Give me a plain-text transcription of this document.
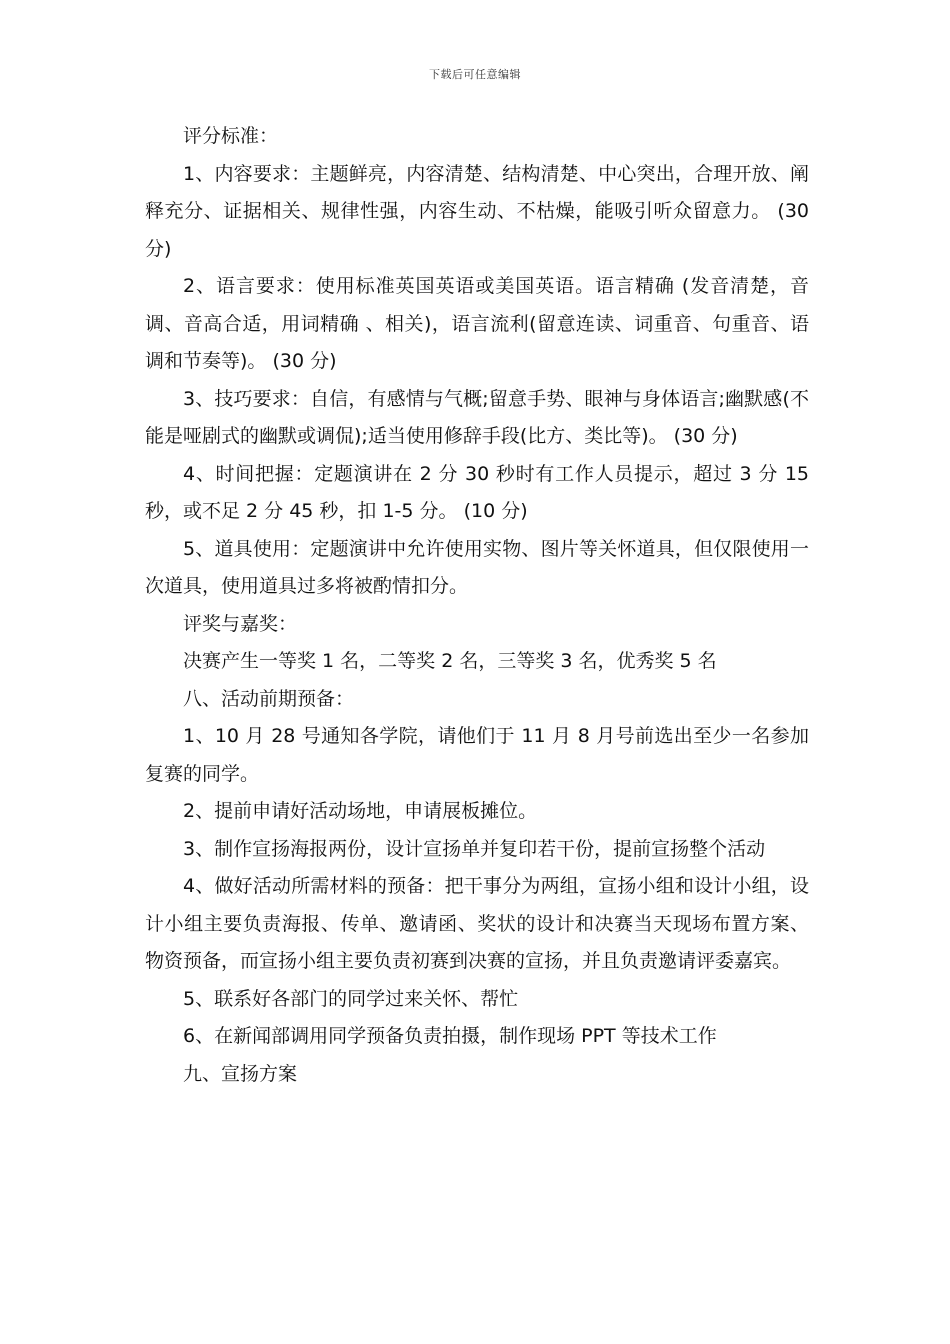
下载后可任意编辑

评分标准：

1、内容要求：主题鲜亮，内容清楚、结构清楚、中心突出，合理开放、阐释充分、证据相关、规律性强，内容生动、不枯燥，能吸引听众留意力。 (30 分)

2、语言要求：使用标准英国英语或美国英语。语言精确 (发音清楚，音调、音高合适，用词精确 、相关)，语言流利(留意连读、词重音、句重音、语调和节奏等)。 (30 分)

3、技巧要求：自信，有感情与气概;留意手势、眼神与身体语言;幽默感(不能是哑剧式的幽默或调侃);适当使用修辞手段(比方、类比等)。 (30 分)

4、时间把握：定题演讲在 2 分 30 秒时有工作人员提示，超过 3 分 15 秒，或不足 2 分 45 秒，扣 1-5 分。 (10 分)

5、道具使用：定题演讲中允许使用实物、图片等关怀道具，但仅限使用一次道具，使用道具过多将被酌情扣分。

评奖与嘉奖：

决赛产生一等奖 1 名，二等奖 2 名，三等奖 3 名，优秀奖 5 名

八、活动前期预备：

1、10 月 28 号通知各学院，请他们于 11 月 8 月号前选出至少一名参加复赛的同学。

2、提前申请好活动场地，申请展板摊位。

3、制作宣扬海报两份，设计宣扬单并复印若干份，提前宣扬整个活动

4、做好活动所需材料的预备：把干事分为两组，宣扬小组和设计小组，设计小组主要负责海报、传单、邀请函、奖状的设计和决赛当天现场布置方案、物资预备，而宣扬小组主要负责初赛到决赛的宣扬，并且负责邀请评委嘉宾。

5、联系好各部门的同学过来关怀、帮忙

6、在新闻部调用同学预备负责拍摄，制作现场 PPT 等技术工作

九、宣扬方案
